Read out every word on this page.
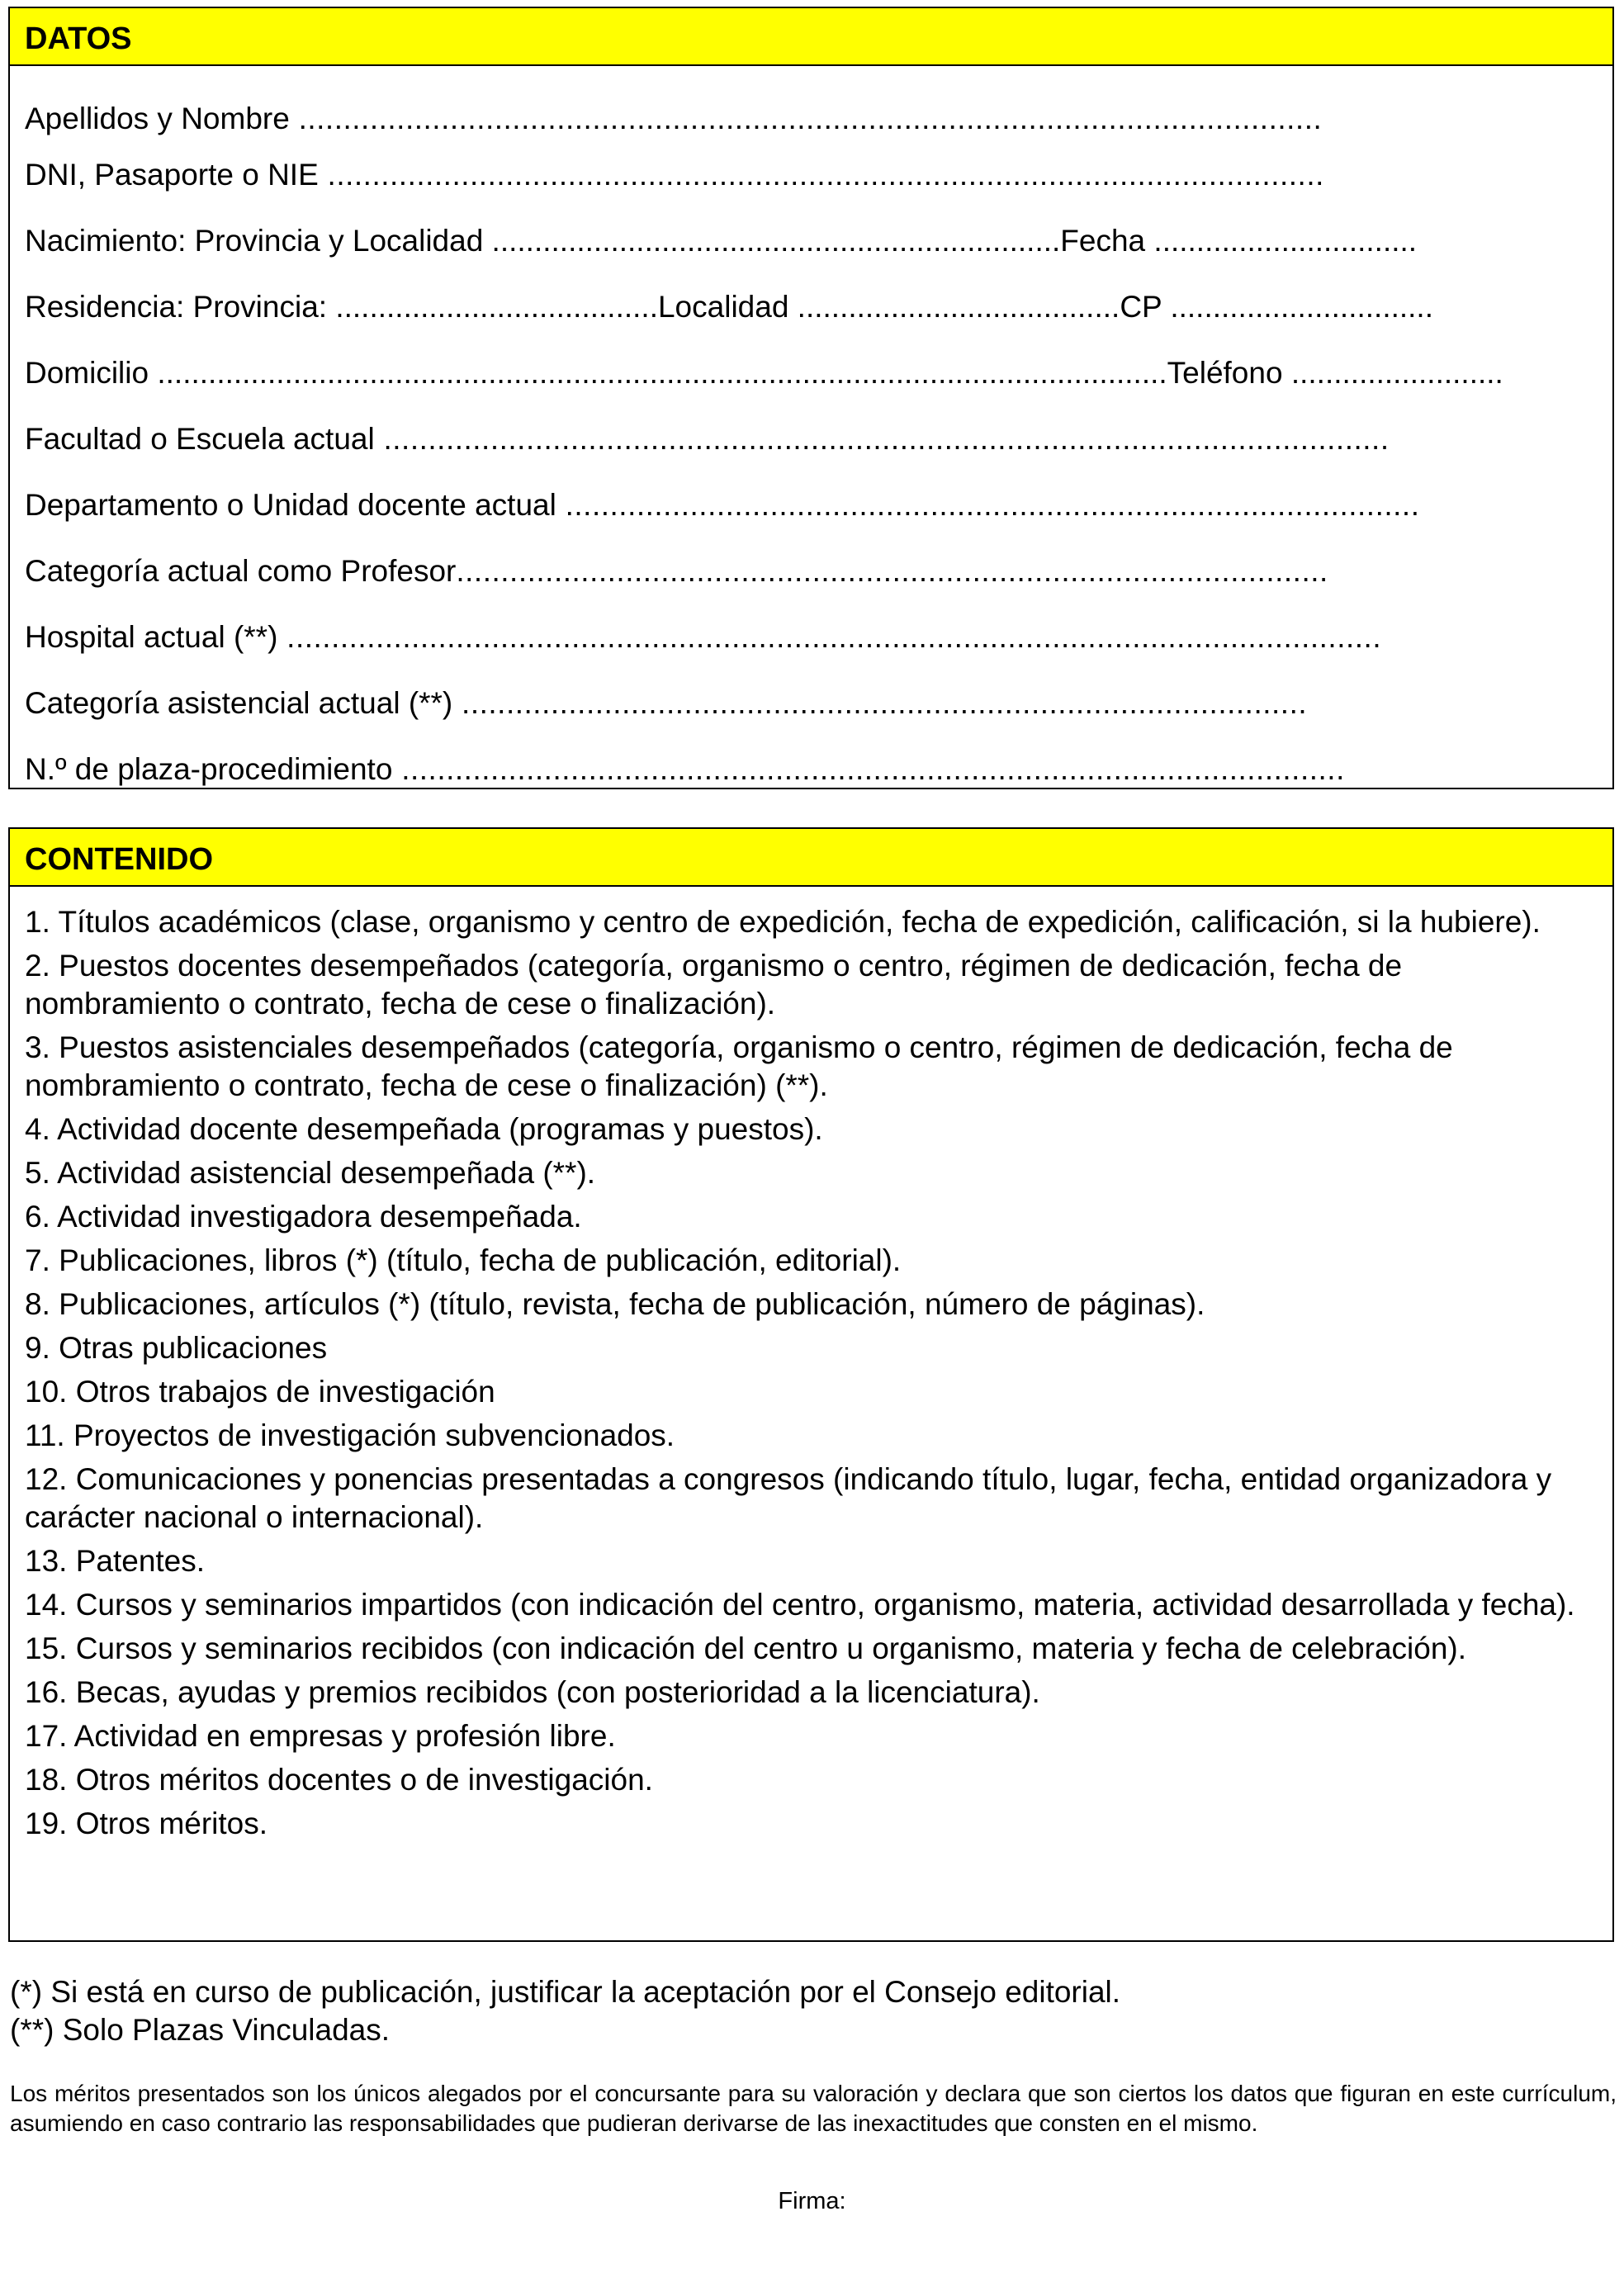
DATOS
Apellidos y Nombre ...................................................................................................................
DNI, Pasaporte o NIE ................................................................................................................
Nacimiento: Provincia y Localidad ................................................................... Fecha ...............................
Residencia: Provincia: ...................................... Localidad ...................................... CP ...............................
Domicilio ....................................................................................................................... Teléfono .........................
Facultad o Escuela actual .................................................................................................................
Departamento o Unidad docente actual ................................................................................................
Categoría actual como Profesor..................................................................................................
Hospital actual (**) ...........................................................................................................................
Categoría asistencial actual (**) ...............................................................................................
N.º de plaza-procedimiento ..........................................................................................................
CONTENIDO
1. Títulos académicos (clase, organismo y centro de expedición, fecha de expedición, calificación, si la hubiere).
2. Puestos docentes desempeñados (categoría, organismo o centro, régimen de dedicación, fecha de nombramiento o contrato, fecha de cese o finalización).
3. Puestos asistenciales desempeñados (categoría, organismo o centro, régimen de dedicación, fecha de nombramiento o contrato, fecha de cese o finalización) (**).
4. Actividad docente desempeñada (programas y puestos).
5. Actividad asistencial desempeñada (**).
6. Actividad investigadora desempeñada.
7. Publicaciones, libros (*) (título, fecha de publicación, editorial).
8. Publicaciones, artículos (*) (título, revista, fecha de publicación, número de páginas).
9. Otras publicaciones
10. Otros trabajos de investigación
11. Proyectos de investigación subvencionados.
12. Comunicaciones y ponencias presentadas a congresos (indicando título, lugar, fecha, entidad organizadora y carácter nacional o internacional).
13. Patentes.
14. Cursos y seminarios impartidos (con indicación del centro, organismo, materia, actividad desarrollada y fecha).
15. Cursos y seminarios recibidos (con indicación del centro u organismo, materia y fecha de celebración).
16. Becas, ayudas y premios recibidos (con posterioridad a la licenciatura).
17. Actividad en empresas y profesión libre.
18. Otros méritos docentes o de investigación.
19. Otros méritos.
(*) Si está en curso de publicación, justificar la aceptación por el Consejo editorial.
(**) Solo Plazas Vinculadas.
Los méritos presentados son los únicos alegados por el concursante para su valoración y declara que son ciertos los datos que figuran en este currículum, asumiendo en caso contrario las responsabilidades que pudieran derivarse de las inexactitudes que consten en el mismo.
Firma:
